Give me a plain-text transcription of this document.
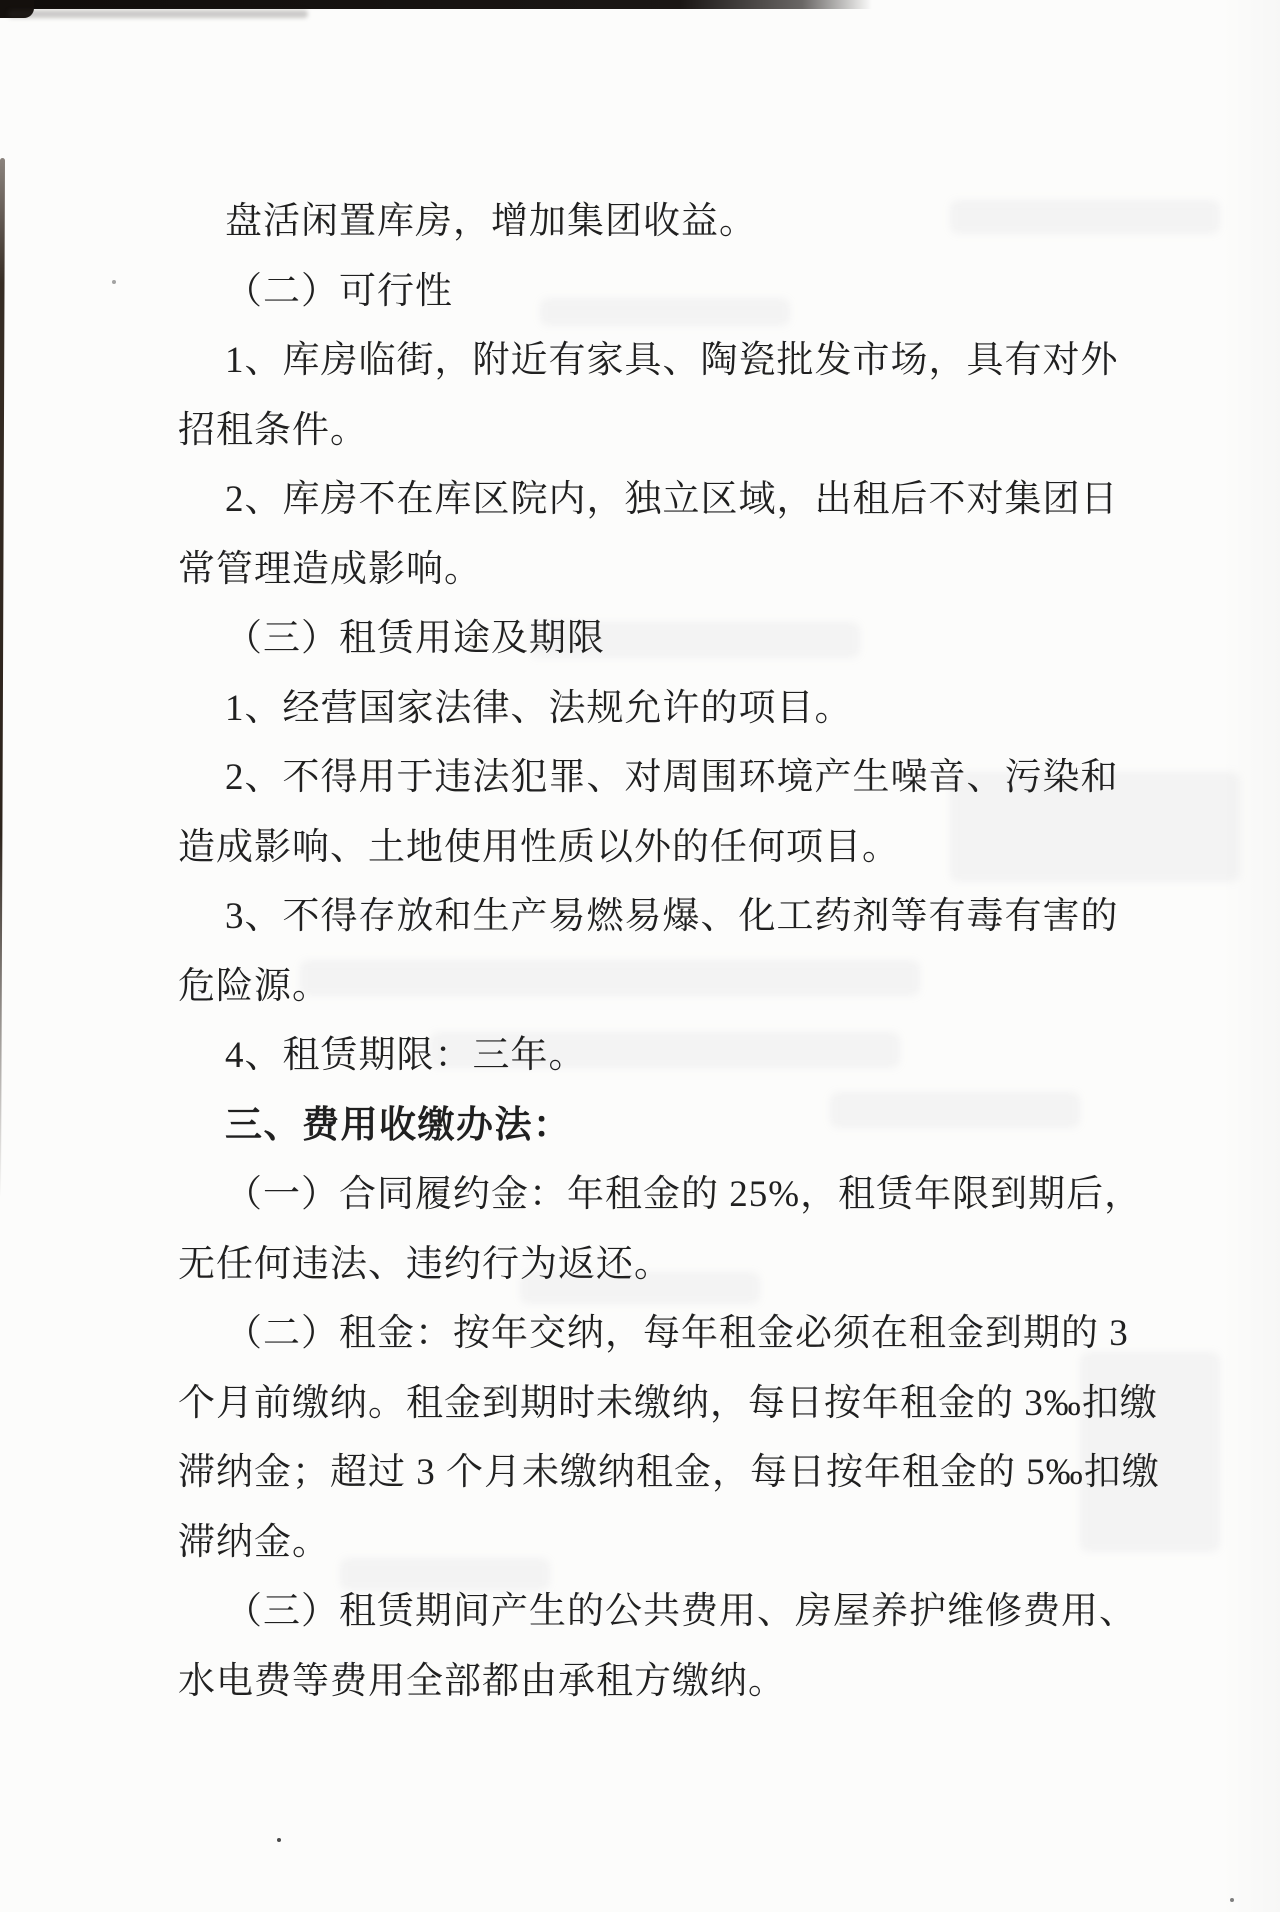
盘活闲置库房，增加集团收益。
（二）可行性
1、库房临街，附近有家具、陶瓷批发市场，具有对外
招租条件。
2、库房不在库区院内，独立区域，出租后不对集团日
常管理造成影响。
（三）租赁用途及期限
1、经营国家法律、法规允许的项目。
2、不得用于违法犯罪、对周围环境产生噪音、污染和
造成影响、土地使用性质以外的任何项目。
3、不得存放和生产易燃易爆、化工药剂等有毒有害的
危险源。
4、租赁期限：三年。
三、费用收缴办法：
（一）合同履约金：年租金的 25%，租赁年限到期后，
无任何违法、违约行为返还。
（二）租金：按年交纳，每年租金必须在租金到期的 3
个月前缴纳。租金到期时未缴纳，每日按年租金的 3‰扣缴
滞纳金；超过 3 个月未缴纳租金，每日按年租金的 5‰扣缴
滞纳金。
（三）租赁期间产生的公共费用、房屋养护维修费用、
水电费等费用全部都由承租方缴纳。
